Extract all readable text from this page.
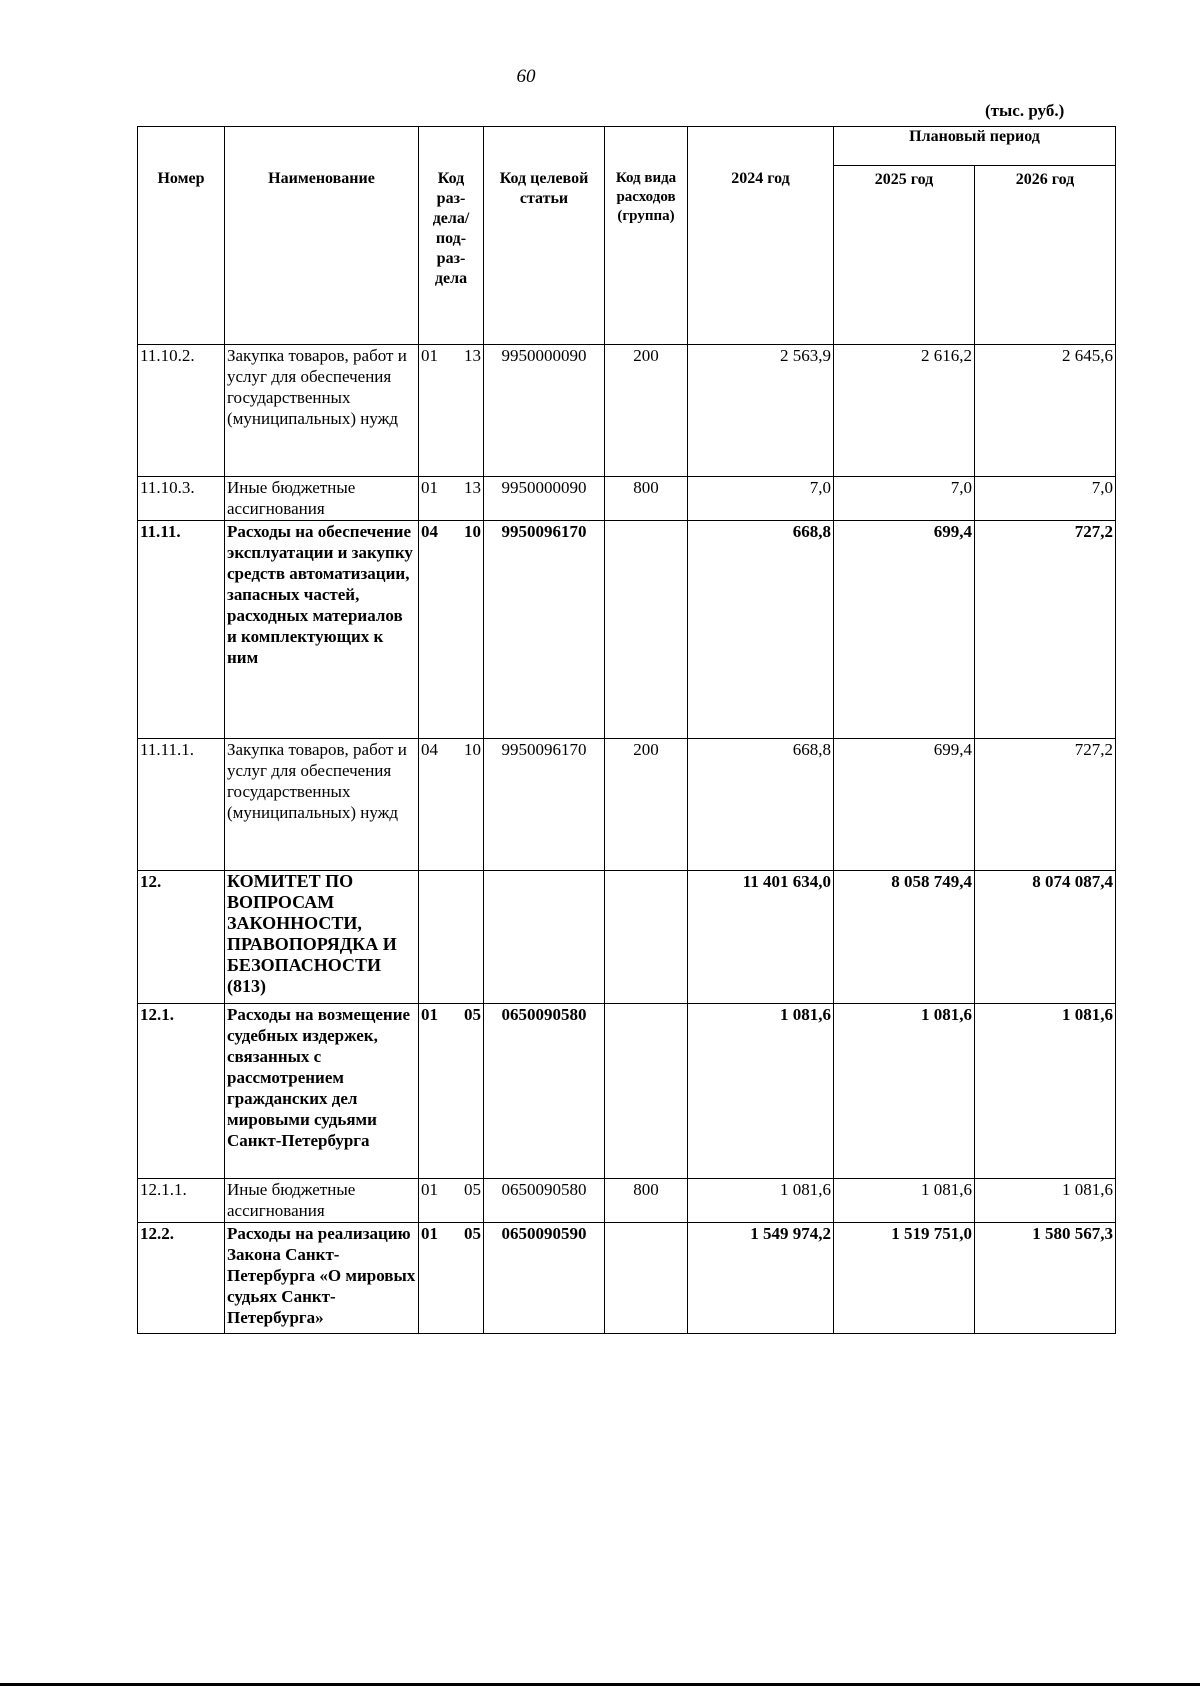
60
(тыс. руб.)
Номер	Наименование	Код раз-дела/ под-раз-дела	Код целевой статьи	Код вида расходов (группа)	2024 год	Плановый период	
						2025 год	2026 год
11.10.2.	Закупка товаров, работ и услуг для обеспечения государственных (муниципальных) нужд	01 13	9950000090	200	2 563,9	2 616,2	2 645,6
11.10.3.	Иные бюджетные ассигнования	01 13	9950000090	800	7,0	7,0	7,0
11.11.	Расходы на обеспечение эксплуатации и закупку средств автоматизации, запасных частей, расходных материалов и комплектующих к ним	04 10	9950096170		668,8	699,4	727,2
11.11.1.	Закупка товаров, работ и услуг для обеспечения государственных (муниципальных) нужд	04 10	9950096170	200	668,8	699,4	727,2
12.	КОМИТЕТ ПО ВОПРОСАМ ЗАКОННОСТИ, ПРАВОПОРЯДКА И БЕЗОПАСНОСТИ (813)				11 401 634,0	8 058 749,4	8 074 087,4
12.1.	Расходы на возмещение судебных издержек, связанных с рассмотрением гражданских дел мировыми судьями Санкт-Петербурга	01 05	0650090580		1 081,6	1 081,6	1 081,6
12.1.1.	Иные бюджетные ассигнования	01 05	0650090580	800	1 081,6	1 081,6	1 081,6
12.2.	Расходы на реализацию Закона Санкт-Петербурга «О мировых судьях Санкт-Петербурга»	01 05	0650090590		1 549 974,2	1 519 751,0	1 580 567,3
